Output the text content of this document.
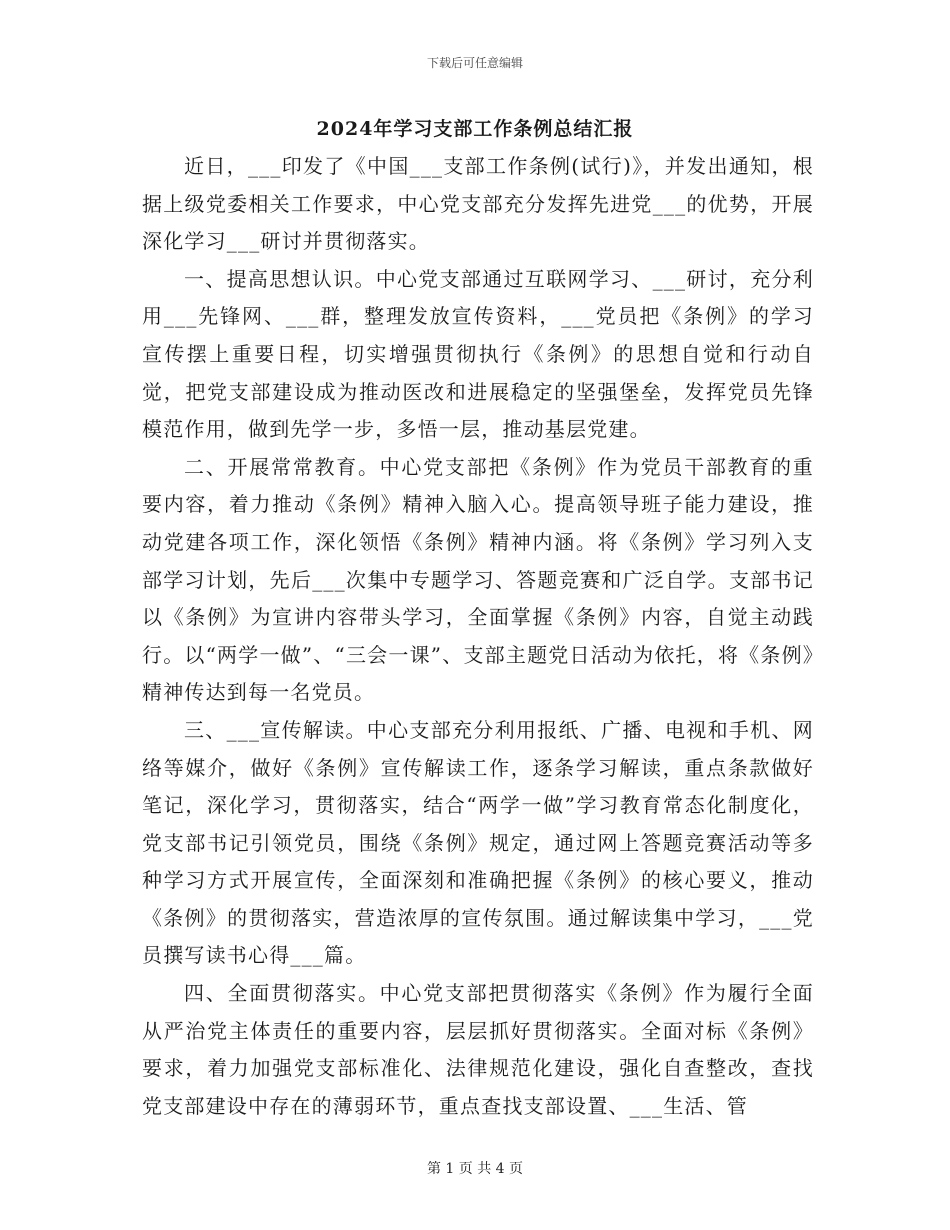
下载后可任意编辑
2024年学习支部工作条例总结汇报

近日，___印发了《中国___支部工作条例(试行)》，并发出通知，根据上级党委相关工作要求，中心党支部充分发挥先进党___的优势，开展深化学习___研讨并贯彻落实。

一、提高思想认识。中心党支部通过互联网学习、___研讨，充分利用___先锋网、___群，整理发放宣传资料，___党员把《条例》的学习宣传摆上重要日程，切实增强贯彻执行《条例》的思想自觉和行动自觉，把党支部建设成为推动医改和进展稳定的坚强堡垒，发挥党员先锋模范作用，做到先学一步，多悟一层，推动基层党建。

二、开展常常教育。中心党支部把《条例》作为党员干部教育的重要内容，着力推动《条例》精神入脑入心。提高领导班子能力建设，推动党建各项工作，深化领悟《条例》精神内涵。将《条例》学习列入支部学习计划，先后___次集中专题学习、答题竞赛和广泛自学。支部书记以《条例》为宣讲内容带头学习，全面掌握《条例》内容，自觉主动践行。以“两学一做”、“三会一课”、支部主题党日活动为依托，将《条例》精神传达到每一名党员。

三、___宣传解读。中心支部充分利用报纸、广播、电视和手机、网络等媒介，做好《条例》宣传解读工作，逐条学习解读，重点条款做好笔记，深化学习，贯彻落实，结合“两学一做”学习教育常态化制度化，党支部书记引领党员，围绕《条例》规定，通过网上答题竞赛活动等多种学习方式开展宣传，全面深刻和准确把握《条例》的核心要义，推动《条例》的贯彻落实，营造浓厚的宣传氛围。通过解读集中学习，___党员撰写读书心得___篇。

四、全面贯彻落实。中心党支部把贯彻落实《条例》作为履行全面从严治党主体责任的重要内容，层层抓好贯彻落实。全面对标《条例》要求，着力加强党支部标准化、法律规范化建设，强化自查整改，查找党支部建设中存在的薄弱环节，重点查找支部设置、___生活、管

第 1 页 共 4 页
